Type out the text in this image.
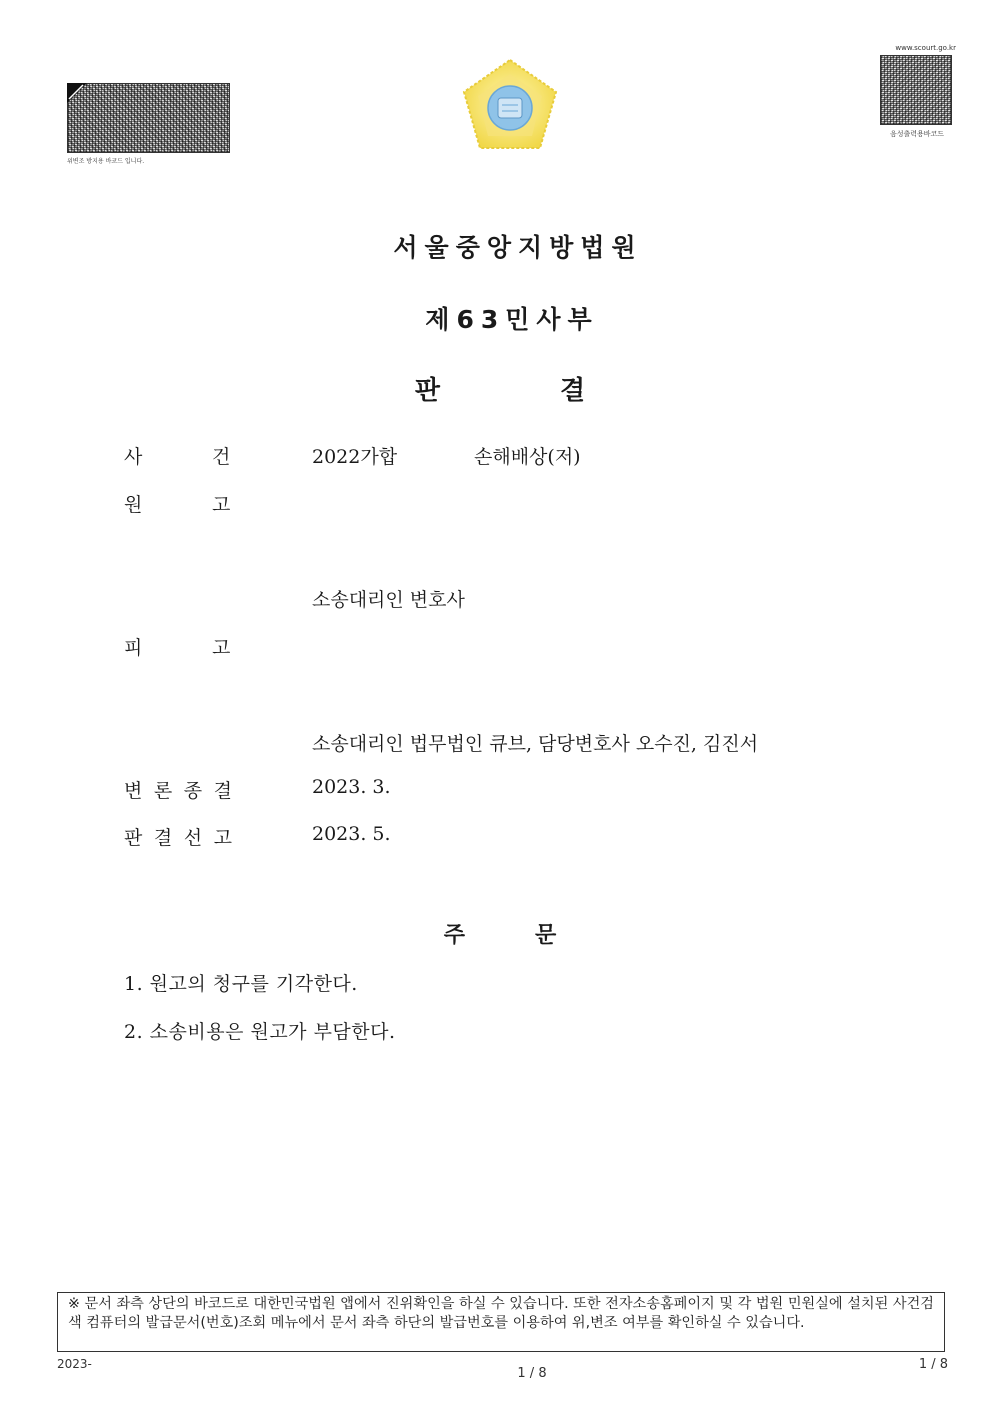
위변조 방지용 바코드 입니다.
www.scourt.go.kr
음성출력용바코드
서울중앙지방법원
제63민사부
판	결
사	건	2022가합	손해배상(저)
원	고
소송대리인 변호사
피	고
소송대리인 법무법인 큐브, 담당변호사 오수진, 김진서
변 론 종 결	2023. 3.
판 결 선 고	2023. 5.
주	문
1. 원고의 청구를 기각한다.
2. 소송비용은 원고가 부담한다.
※ 문서 좌측 상단의 바코드로 대한민국법원 앱에서 진위확인을 하실 수 있습니다. 또한 전자소송홈페이지 및 각 법원 민원실에 설치된 사건검색 컴퓨터의 발급문서(번호)조회 메뉴에서 문서 좌측 하단의 발급번호를 이용하여 위,변조 여부를 확인하실 수 있습니다.
2023-
1 / 8
1 / 8
